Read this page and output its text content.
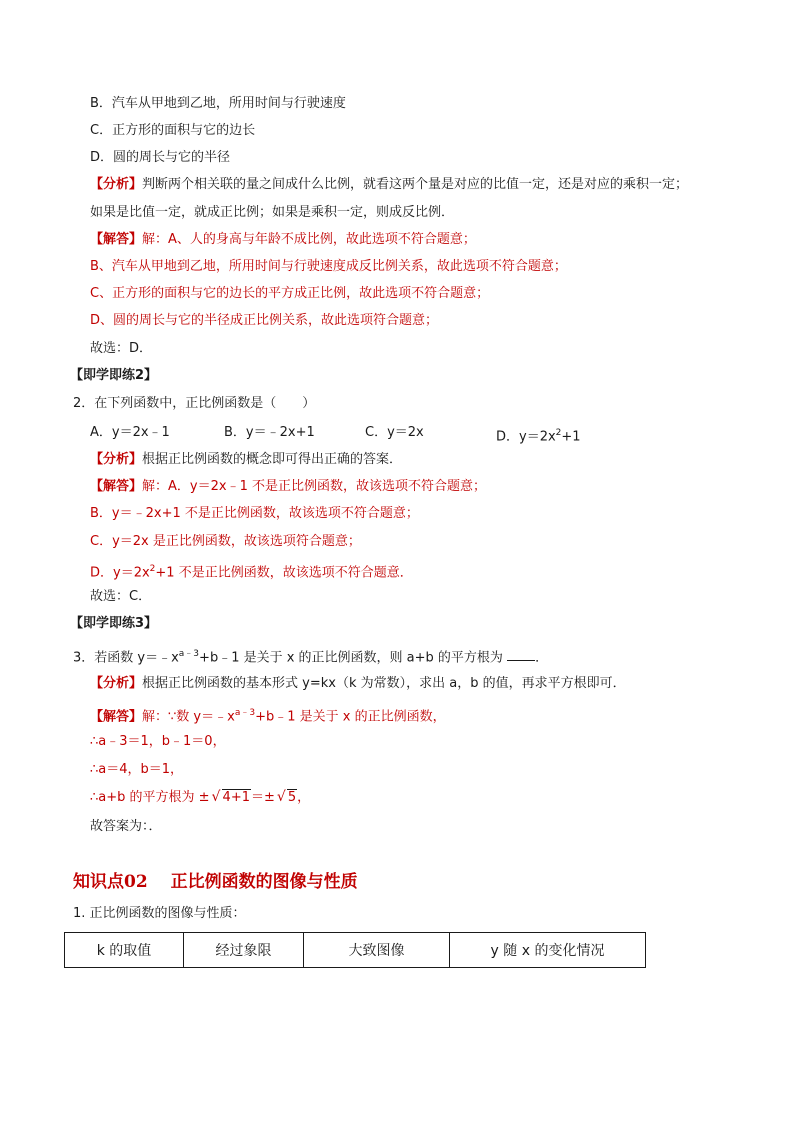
B．汽车从甲地到乙地，所用时间与行驶速度
C．正方形的面积与它的边长
D．圆的周长与它的半径
【分析】判断两个相关联的量之间成什么比例，就看这两个量是对应的比值一定，还是对应的乘积一定；
如果是比值一定，就成正比例；如果是乘积一定，则成反比例．
【解答】解：A、人的身高与年龄不成比例，故此选项不符合题意；
B、汽车从甲地到乙地，所用时间与行驶速度成反比例关系，故此选项不符合题意；
C、正方形的面积与它的边长的平方成正比例，故此选项不符合题意；
D、圆的周长与它的半径成正比例关系，故此选项符合题意；
故选：D．
【即学即练2】
2．在下列函数中，正比例函数是（　　）
A．y＝2x﹣1	B．y＝﹣2x+1	C．y＝2x	D．$y=2x^2+1$
【分析】根据正比例函数的概念即可得出正确的答案．
【解答】解：A．y＝2x﹣1 不是正比例函数，故该选项不符合题意；
B．y＝﹣2x+1 不是正比例函数，故该选项不符合题意；
C．y＝2x 是正比例函数，故该选项符合题意；
D．$y=2x^2+1$ 不是正比例函数，故该选项不符合题意．
故选：C．
【即学即练3】
3．若函数 $y=﹣x^{a﹣3}+b﹣1$ 是关于 x 的正比例函数，则 a+b 的平方根为 ．
【分析】根据正比例函数的基本形式 y=kx（k 为常数），求出 a，b 的值，再求平方根即可．
【解答】解：∵数 $y=﹣x^{a﹣3}+b﹣1$ 是关于 x 的正比例函数，
∴a﹣3＝1，b﹣1＝0，
∴a＝4，b＝1，
∴a+b 的平方根为 ± √ 4+1＝± √ 5，
故答案为：．
知识点02　 正比例函数的图像与性质
1. 正比例函数的图像与性质：
k 的取值	经过象限	大致图像	y 随 x 的变化情况
